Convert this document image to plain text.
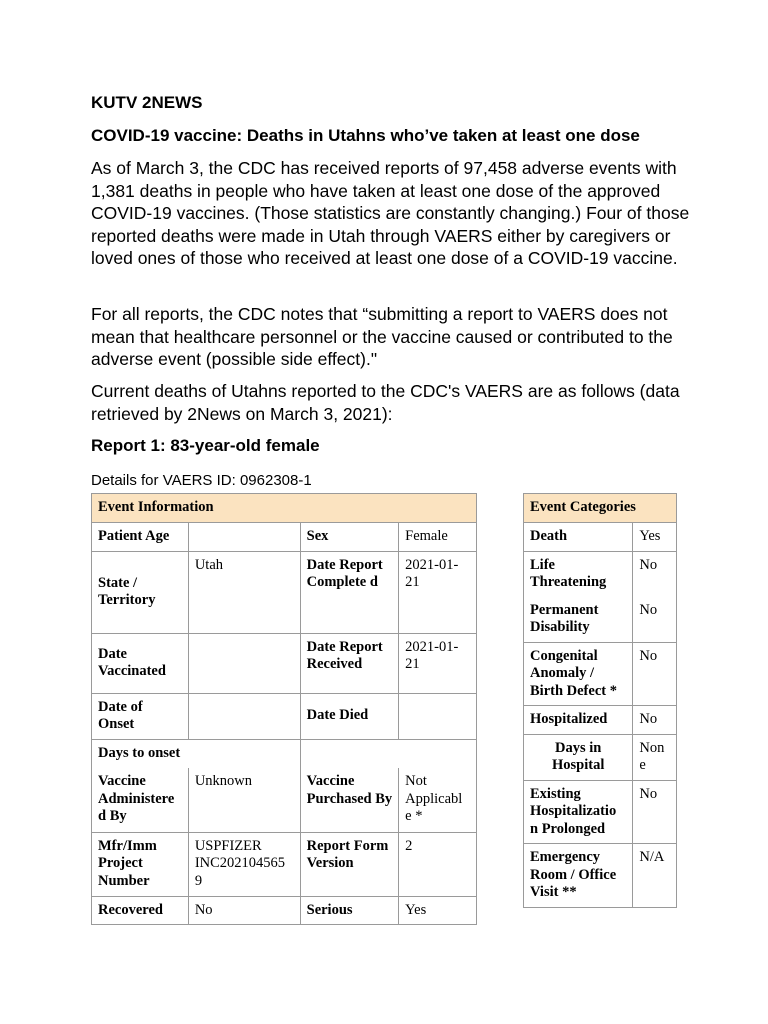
KUTV 2NEWS
COVID-19 vaccine: Deaths in Utahns who’ve taken at least one dose
As of March 3, the CDC has received reports of 97,458 adverse events with 1,381 deaths in people who have taken at least one dose of the approved COVID-19 vaccines. (Those statistics are constantly changing.) Four of those reported deaths were made in Utah through VAERS either by caregivers or loved ones of those who received at least one dose of a COVID-19 vaccine.
For all reports, the CDC notes that “submitting a report to VAERS does not mean that healthcare personnel or the vaccine caused or contributed to the adverse event (possible side effect)."
Current deaths of Utahns reported to the CDC's VAERS are as follows (data retrieved by 2News on March 3, 2021):
Report 1: 83-year-old female
Details for VAERS ID: 0962308-1
Event Information			
Patient Age		Sex	Female
State / Territory	Utah	Date Report Complete d	2021-01-21
Date Vaccinated		Date Report Received	2021-01-21
Date of Onset		Date Died	
Days to onset			
Vaccine Administere d By	Unknown	Vaccine Purchased By	Not Applicabl e *
Mfr/Imm Project Number	USPFIZER INC202104565 9	Report Form Version	2
Recovered	No	Serious	Yes
Event Categories	
Death	Yes
Life Threatening	No
Permanent Disability	No
Congenital Anomaly / Birth Defect *	No
Hospitalized	No
Days in Hospital	Non e
Existing Hospitalizatio n Prolonged	No
Emergency Room / Office Visit **	N/A
